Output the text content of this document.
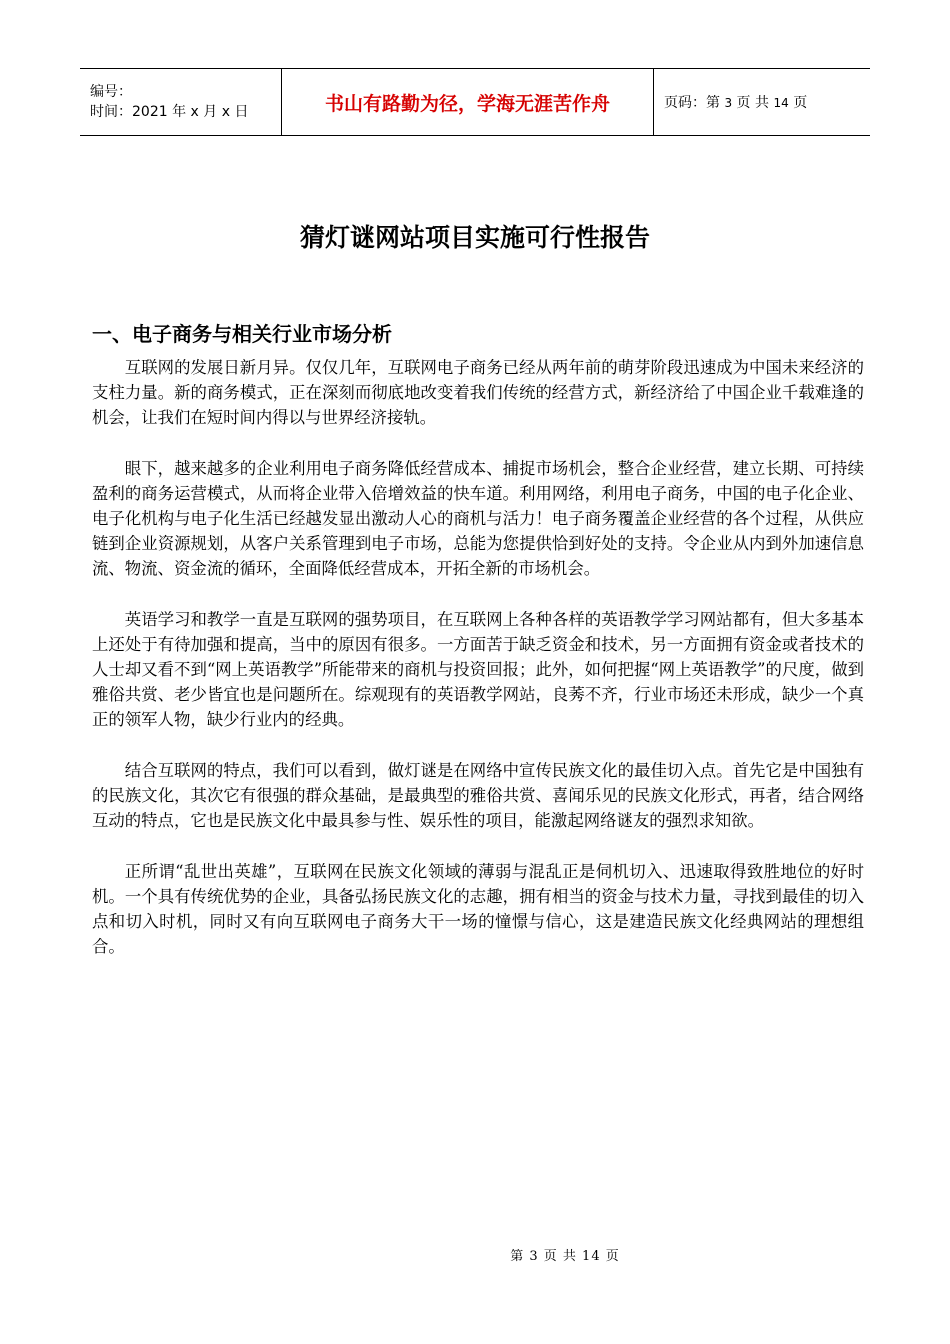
编号：
时间：2021 年 x 月 x 日	书山有路勤为径，学海无涯苦作舟	页码：第 3 页 共 14 页
猜灯谜网站项目实施可行性报告
一、电子商务与相关行业市场分析

互联网的发展日新月异。仅仅几年，互联网电子商务已经从两年前的萌芽阶段迅速成为中国未来经济的支柱力量。新的商务模式，正在深刻而彻底地改变着我们传统的经营方式，新经济给了中国企业千载难逢的机会，让我们在短时间内得以与世界经济接轨。

眼下，越来越多的企业利用电子商务降低经营成本、捕捉市场机会，整合企业经营，建立长期、可持续盈利的商务运营模式，从而将企业带入倍增效益的快车道。利用网络，利用电子商务，中国的电子化企业、电子化机构与电子化生活已经越发显出激动人心的商机与活力！电子商务覆盖企业经营的各个过程，从供应链到企业资源规划，从客户关系管理到电子市场，总能为您提供恰到好处的支持。令企业从内到外加速信息流、物流、资金流的循环，全面降低经营成本，开拓全新的市场机会。

英语学习和教学一直是互联网的强势项目，在互联网上各种各样的英语教学学习网站都有，但大多基本上还处于有待加强和提高，当中的原因有很多。一方面苦于缺乏资金和技术，另一方面拥有资金或者技术的人士却又看不到“网上英语教学”所能带来的商机与投资回报；此外，如何把握“网上英语教学”的尺度，做到雅俗共赏、老少皆宜也是问题所在。综观现有的英语教学网站，良莠不齐，行业市场还未形成，缺少一个真正的领军人物，缺少行业内的经典。

结合互联网的特点，我们可以看到，做灯谜是在网络中宣传民族文化的最佳切入点。首先它是中国独有的民族文化，其次它有很强的群众基础，是最典型的雅俗共赏、喜闻乐见的民族文化形式，再者，结合网络互动的特点，它也是民族文化中最具参与性、娱乐性的项目，能激起网络谜友的强烈求知欲。

正所谓“乱世出英雄”，互联网在民族文化领域的薄弱与混乱正是伺机切入、迅速取得致胜地位的好时机。一个具有传统优势的企业，具备弘扬民族文化的志趣，拥有相当的资金与技术力量，寻找到最佳的切入点和切入时机，同时又有向互联网电子商务大干一场的憧憬与信心，这是建造民族文化经典网站的理想组合。

第 3 页 共 14 页
